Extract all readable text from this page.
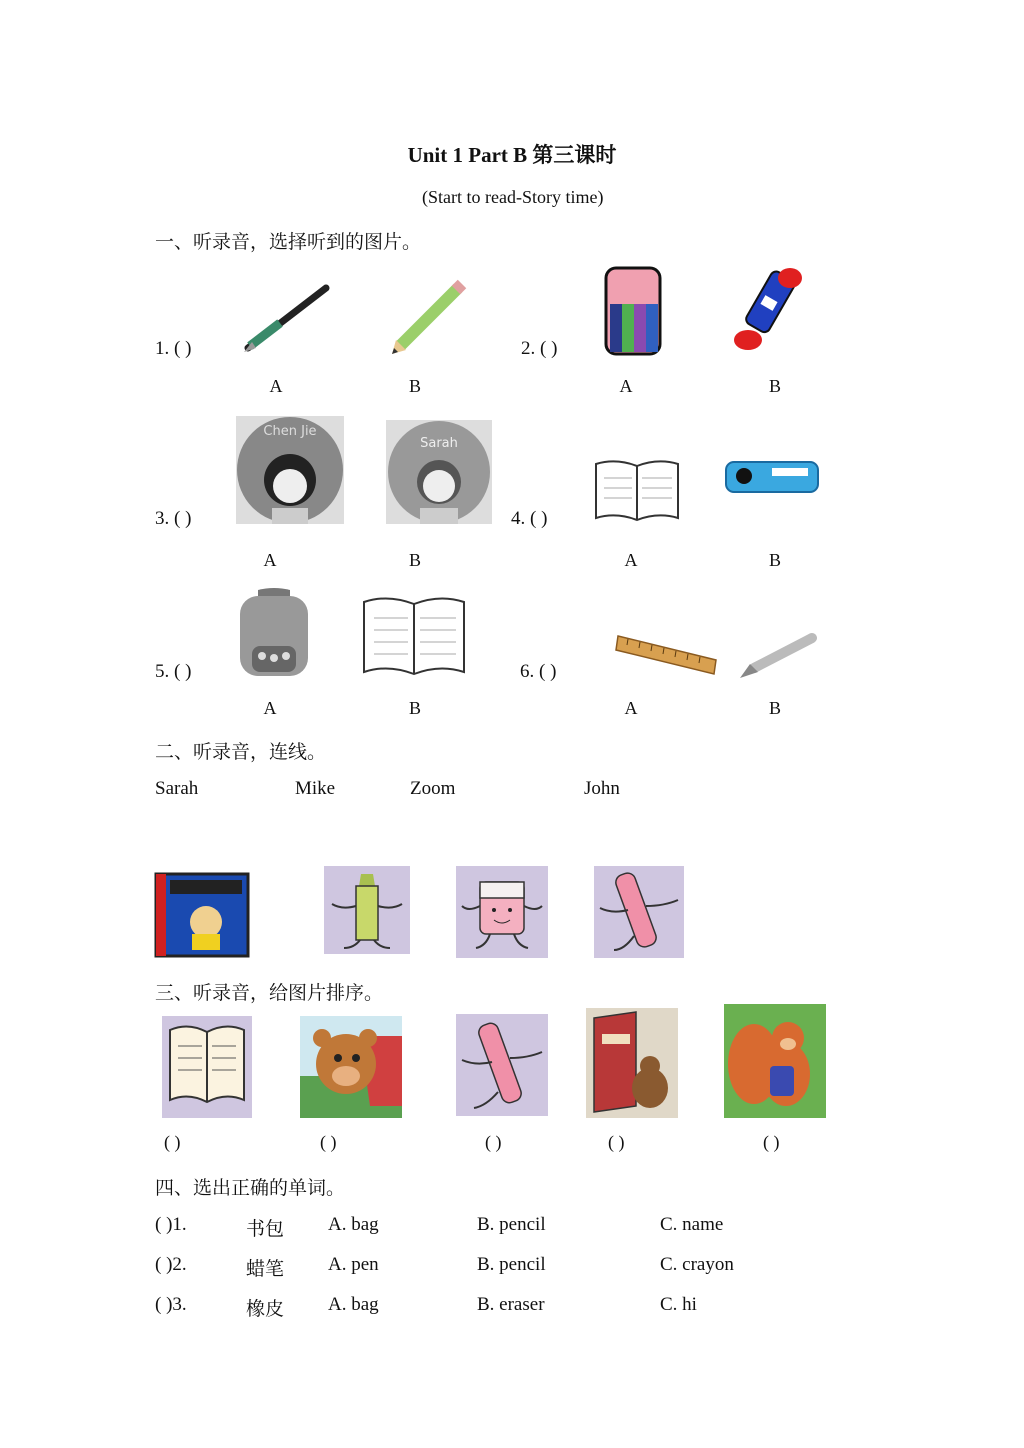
Unit 1 Part B 第三课时
(Start to read-Story time)
一、听录音，选择听到的图片。
1. ( )
A	B
2. ( )
A	B
3. ( )
Chen Jie
A
Sarah
B
4. ( )
A	B
5. ( )
A	B
6. ( )
A	B
二、听录音，连线。
Sarah	Mike	Zoom	John
三、听录音，给图片排序。
( )	( )	( )	( )	( )
四、选出正确的单词。
( )1.	书包 A. bag	B. pencil	C. name
( )2.	蜡笔 A. pen	B. pencil	C. crayon
( )3.	橡皮 A. bag	B. eraser	C. hi
